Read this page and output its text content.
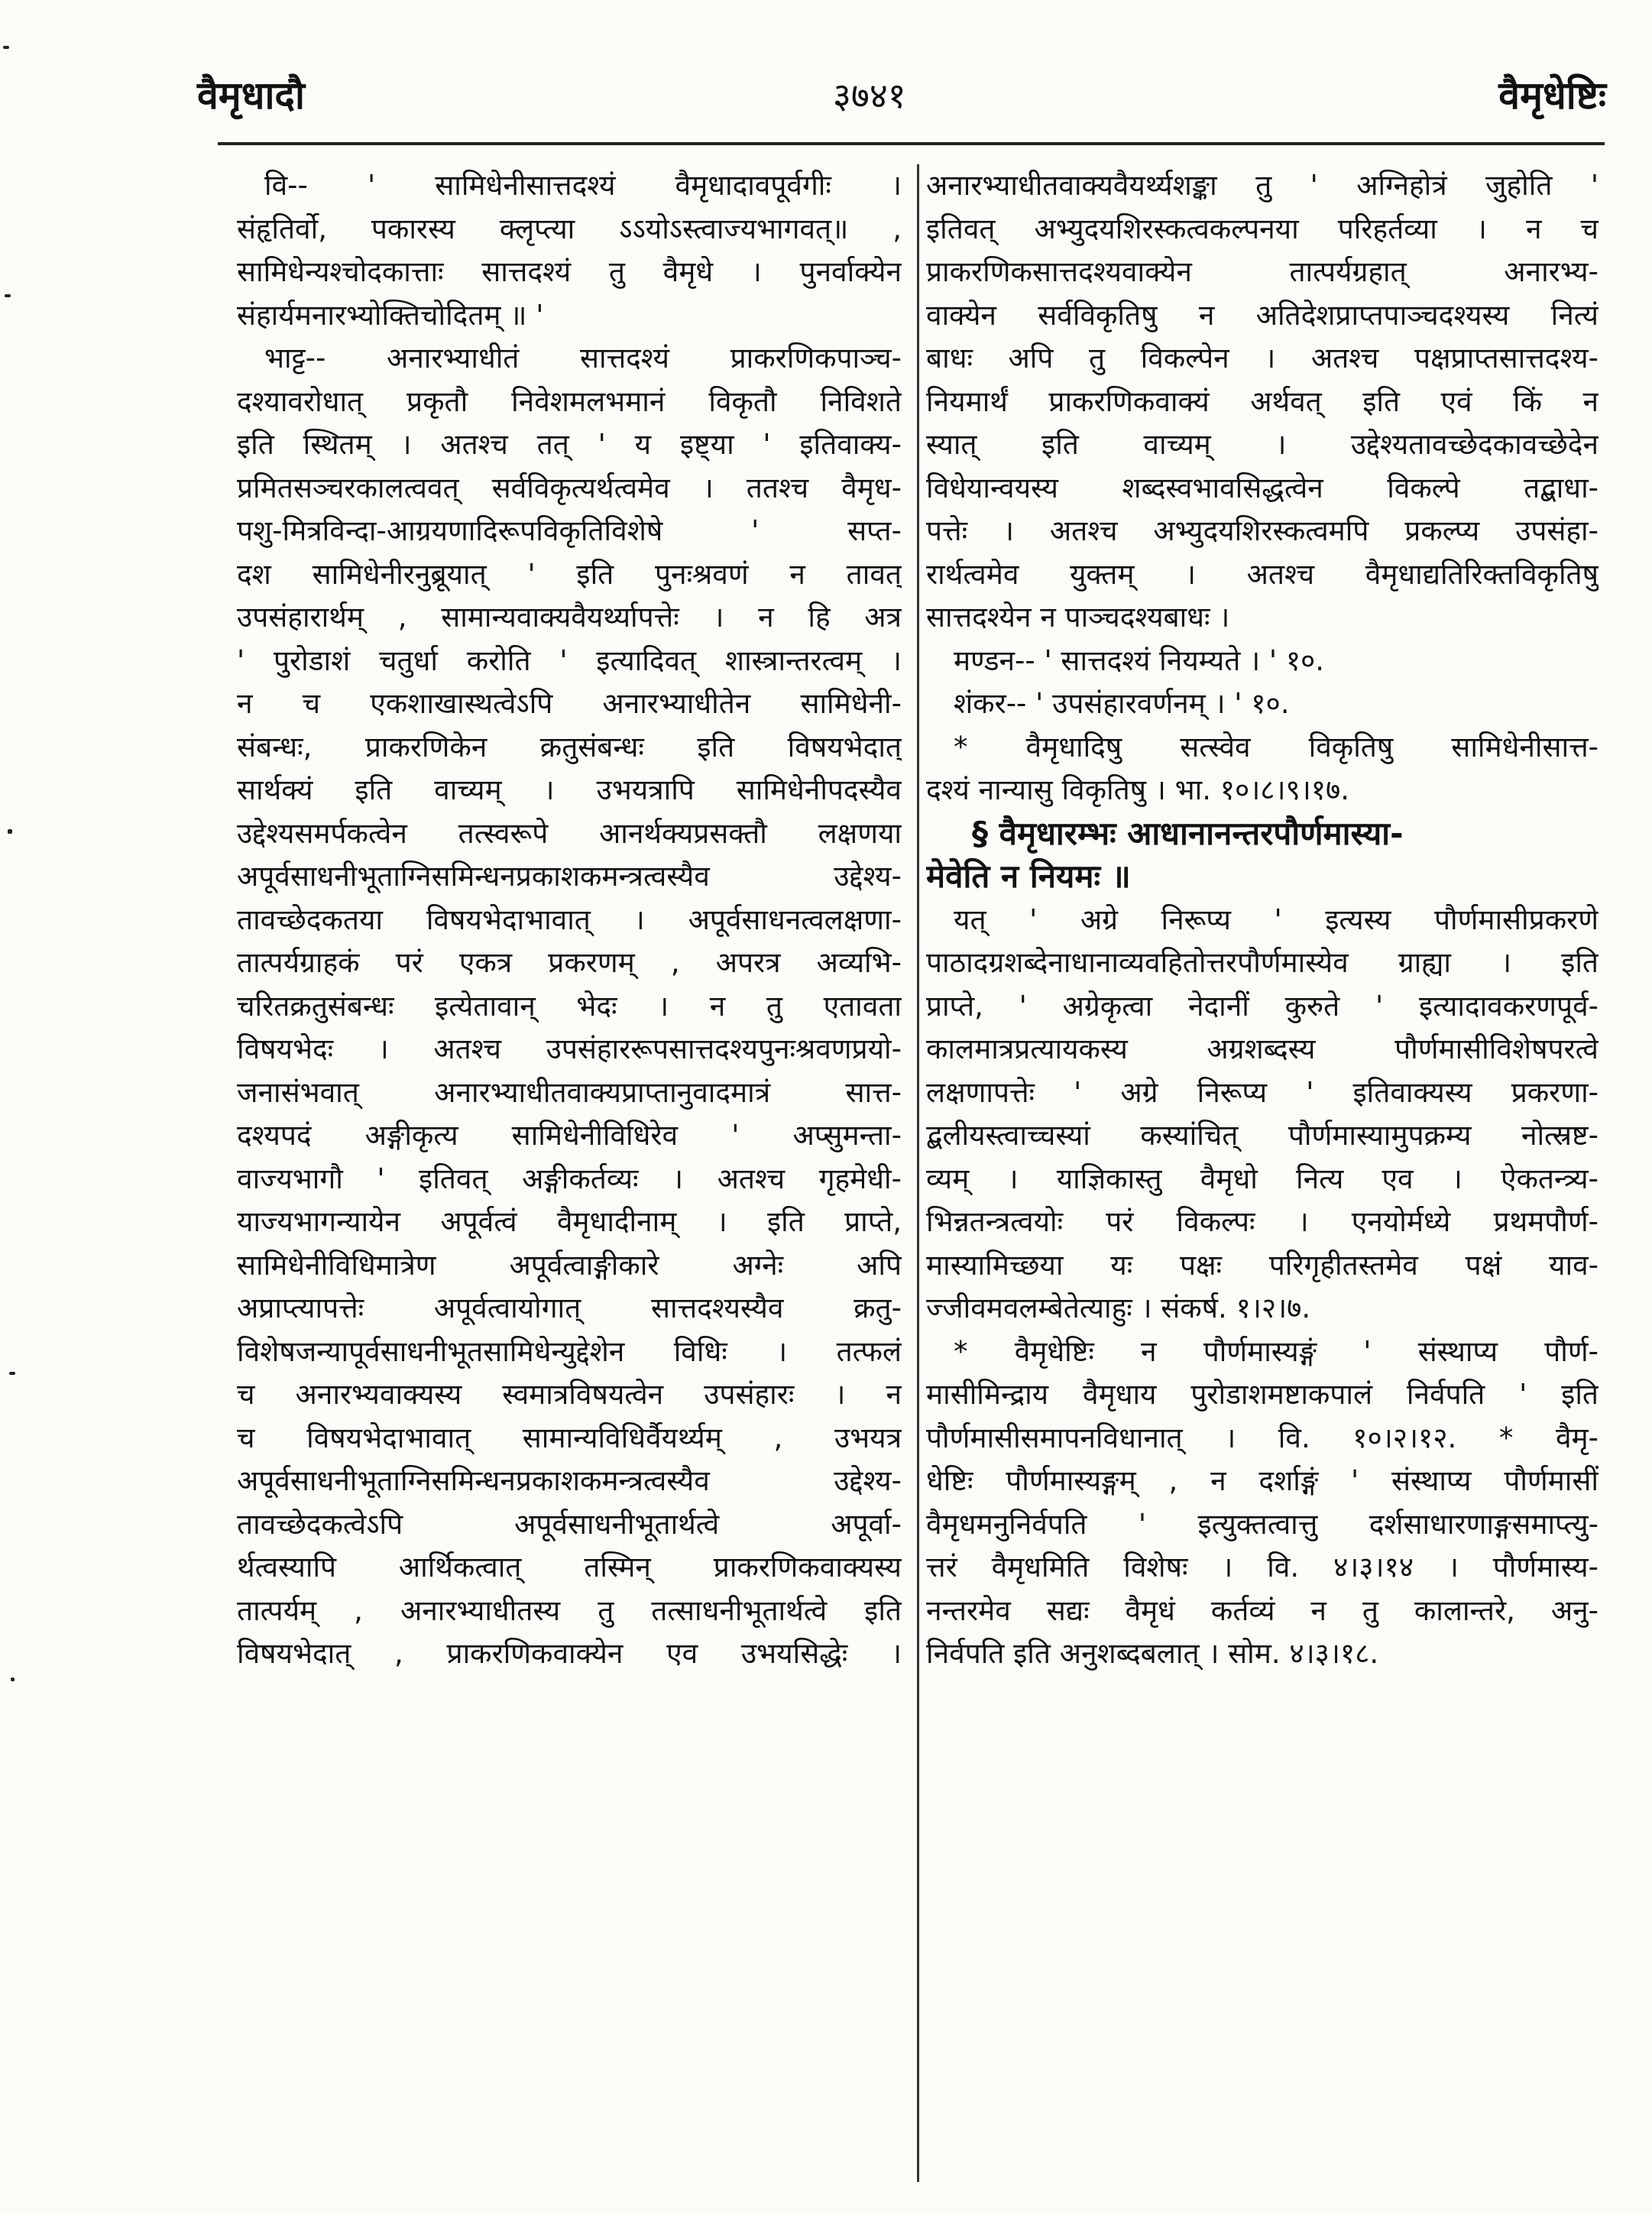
वैमृधादौ	३७४१	वैमृधेष्टिः
वि-- ' सामिधेनीसात्तदश्यं वैमृधादावपूर्वगीः ।
संहृतिर्वो, पकारस्य क्लृप्त्या ऽऽयोऽस्त्वाज्यभागवत्॥ ,
सामिधेन्यश्चोदकात्ताः सात्तदश्यं तु वैमृधे । पुनर्वाक्येन
संहार्यमनारभ्योक्तिचोदितम् ॥ '
भाट्ट-- अनारभ्याधीतं सात्तदश्यं प्राकरणिकपाञ्च-
दश्यावरोधात् प्रकृतौ निवेशमलभमानं विकृतौ निविशते
इति स्थितम् । अतश्च तत् ' य इष्ट्या ' इतिवाक्य-
प्रमितसञ्चरकालत्ववत् सर्वविकृत्यर्थत्वमेव । ततश्च वैमृध-
पशु-मित्रविन्दा-आग्रयणादिरूपविकृतिविशेषे ' सप्त-
दश सामिधेनीरनुब्रूयात् ' इति पुनःश्रवणं न तावत्
उपसंहारार्थम् , सामान्यवाक्यवैयर्थ्यापत्तेः । न हि अत्र
' पुरोडाशं चतुर्धा करोति ' इत्यादिवत् शास्त्रान्तरत्वम् ।
न च एकशाखास्थत्वेऽपि अनारभ्याधीतेन सामिधेनी-
संबन्धः, प्राकरणिकेन क्रतुसंबन्धः इति विषयभेदात्
सार्थक्यं इति वाच्यम् । उभयत्रापि सामिधेनीपदस्यैव
उद्देश्यसमर्पकत्वेन तत्स्वरूपे आनर्थक्यप्रसक्तौ लक्षणया
अपूर्वसाधनीभूताग्निसमिन्धनप्रकाशकमन्त्रत्वस्यैव उद्देश्य-
तावच्छेदकतया विषयभेदाभावात् । अपूर्वसाधनत्वलक्षणा-
तात्पर्यग्राहकं परं एकत्र प्रकरणम् , अपरत्र अव्यभि-
चरितक्रतुसंबन्धः इत्येतावान् भेदः । न तु एतावता
विषयभेदः । अतश्च उपसंहाररूपसात्तदश्यपुनःश्रवणप्रयो-
जनासंभवात् अनारभ्याधीतवाक्यप्राप्तानुवादमात्रं सात्त-
दश्यपदं अङ्गीकृत्य सामिधेनीविधिरेव ' अप्सुमन्ता-
वाज्यभागौ ' इतिवत् अङ्गीकर्तव्यः । अतश्च गृहमेधी-
याज्यभागन्यायेन अपूर्वत्वं वैमृधादीनाम् । इति प्राप्ते,
सामिधेनीविधिमात्रेण अपूर्वत्वाङ्गीकारे अग्नेः अपि
अप्राप्त्यापत्तेः अपूर्वत्वायोगात् सात्तदश्यस्यैव क्रतु-
विशेषजन्यापूर्वसाधनीभूतसामिधेन्युद्देशेन विधिः । तत्फलं
च अनारभ्यवाक्यस्य स्वमात्रविषयत्वेन उपसंहारः । न
च विषयभेदाभावात् सामान्यविधिर्वैयर्थ्यम् , उभयत्र
अपूर्वसाधनीभूताग्निसमिन्धनप्रकाशकमन्त्रत्वस्यैव उद्देश्य-
तावच्छेदकत्वेऽपि अपूर्वसाधनीभूतार्थत्वे अपूर्वा-
र्थत्वस्यापि आर्थिकत्वात् तस्मिन् प्राकरणिकवाक्यस्य
तात्पर्यम् , अनारभ्याधीतस्य तु तत्साधनीभूतार्थत्वे इति
विषयभेदात् , प्राकरणिकवाक्येन एव उभयसिद्धेः ।
अनारभ्याधीतवाक्यवैयर्थ्यशङ्का तु ' अग्निहोत्रं जुहोति '
इतिवत् अभ्युदयशिरस्कत्वकल्पनया परिहर्तव्या । न च
प्राकरणिकसात्तदश्यवाक्येन तात्पर्यग्रहात् अनारभ्य-
वाक्येन सर्वविकृतिषु न अतिदेशप्राप्तपाञ्चदश्यस्य नित्यं
बाधः अपि तु विकल्पेन । अतश्च पक्षप्राप्तसात्तदश्य-
नियमार्थं प्राकरणिकवाक्यं अर्थवत् इति एवं किं न
स्यात् इति वाच्यम् । उद्देश्यतावच्छेदकावच्छेदेन
विधेयान्वयस्य शब्दस्वभावसिद्धत्वेन विकल्पे तद्बाधा-
पत्तेः । अतश्च अभ्युदयशिरस्कत्वमपि प्रकल्प्य उपसंहा-
रार्थत्वमेव युक्तम् । अतश्च वैमृधाद्यतिरिक्तविकृतिषु
सात्तदश्येन न पाञ्चदश्यबाधः ।
मण्डन-- ' सात्तदश्यं नियम्यते । ' १०.
शंकर-- ' उपसंहारवर्णनम् । ' १०.
* वैमृधादिषु सत्स्वेव विकृतिषु सामिधेनीसात्त-
दश्यं नान्यासु विकृतिषु । भा. १०।८।९।१७.
§ वैमृधारम्भः आधानानन्तरपौर्णमास्या-
मेवेति न नियमः ॥
यत् ' अग्रे निरूप्य ' इत्यस्य पौर्णमासीप्रकरणे
पाठादग्रशब्देनाधानाव्यवहितोत्तरपौर्णमास्येव ग्राह्या । इति
प्राप्ते, ' अग्रेकृत्वा नेदानीं कुरुते ' इत्यादावकरणपूर्व-
कालमात्रप्रत्यायकस्य अग्रशब्दस्य पौर्णमासीविशेषपरत्वे
लक्षणापत्तेः ' अग्रे निरूप्य ' इतिवाक्यस्य प्रकरणा-
द्बलीयस्त्वाच्चस्यां कस्यांचित् पौर्णमास्यामुपक्रम्य नोत्स्रष्ट-
व्यम् । याज्ञिकास्तु वैमृधो नित्य एव । ऐकतन्त्र्य-
भिन्नतन्त्रत्वयोः परं विकल्पः । एनयोर्मध्ये प्रथमपौर्ण-
मास्यामिच्छया यः पक्षः परिगृहीतस्तमेव पक्षं याव-
ज्जीवमवलम्बेतेत्याहुः । संकर्ष. १।२।७.
* वैमृधेष्टिः न पौर्णमास्यङ्गं ' संस्थाप्य पौर्ण-
मासीमिन्द्राय वैमृधाय पुरोडाशमष्टाकपालं निर्वपति ' इति
पौर्णमासीसमापनविधानात् । वि. १०।२।१२. * वैमृ-
धेष्टिः पौर्णमास्यङ्गम् , न दर्शाङ्गं ' संस्थाप्य पौर्णमासीं
वैमृधमनुनिर्वपति ' इत्युक्तत्वात्तु दर्शसाधारणाङ्गसमाप्त्यु-
त्तरं वैमृधमिति विशेषः । वि. ४।३।१४ । पौर्णमास्य-
नन्तरमेव सद्यः वैमृधं कर्तव्यं न तु कालान्तरे, अनु-
निर्वपति इति अनुशब्दबलात् । सोम. ४।३।१८.
